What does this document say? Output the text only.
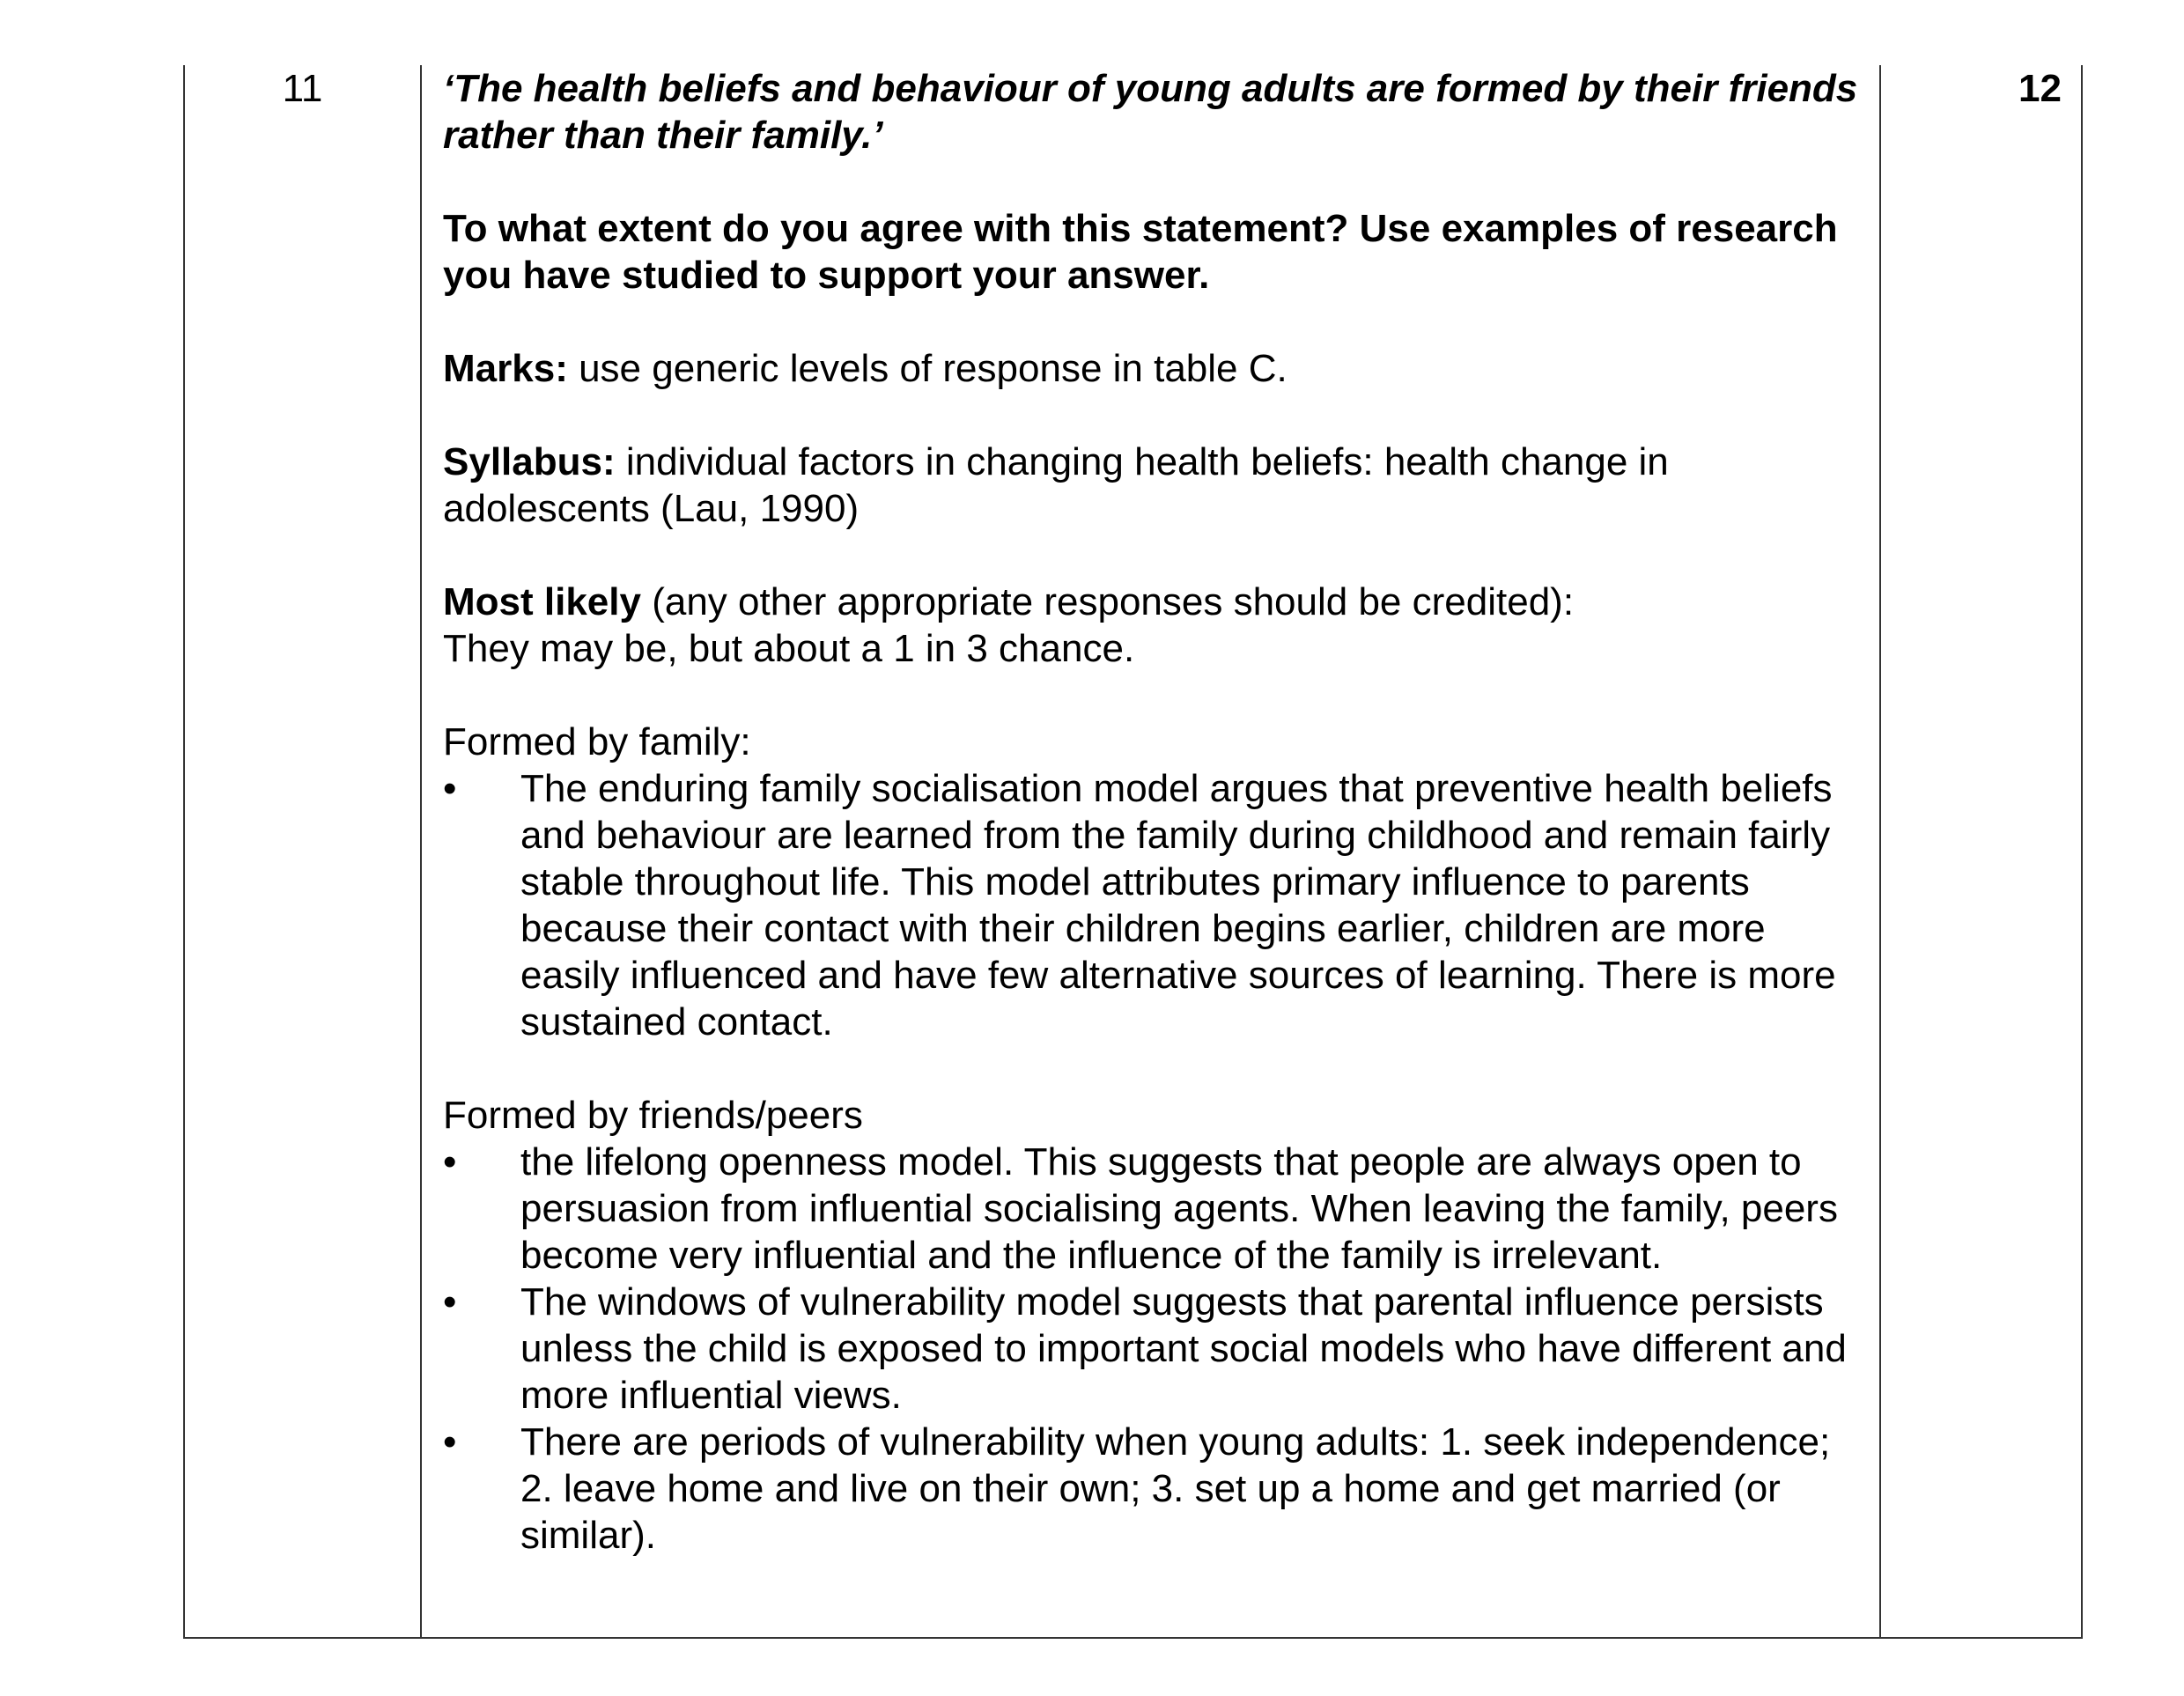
11	‘The health beliefs and behaviour of young adults are formed by their friends rather than their family.’

To what extent do you agree with this statement? Use examples of research you have studied to support your answer.

Marks: use generic levels of response in table C.

Syllabus: individual factors in changing health beliefs: health change in adolescents (Lau, 1990)

Most likely (any other appropriate responses should be credited):

They may be, but about a 1 in 3 chance.

Formed by family:

• The enduring family socialisation model argues that preventive health beliefs and behaviour are learned from the family during childhood and remain fairly stable throughout life. This model attributes primary influence to parents because their contact with their children begins earlier, children are more easily influenced and have few alternative sources of learning. There is more sustained contact.

Formed by friends/peers

• the lifelong openness model. This suggests that people are always open to persuasion from influential socialising agents. When leaving the family, peers become very influential and the influence of the family is irrelevant.
• The windows of vulnerability model suggests that parental influence persists unless the child is exposed to important social models who have different and more influential views.
• There are periods of vulnerability when young adults: 1. seek independence; 2. leave home and live on their own; 3. set up a home and get married (or similar).
	12
